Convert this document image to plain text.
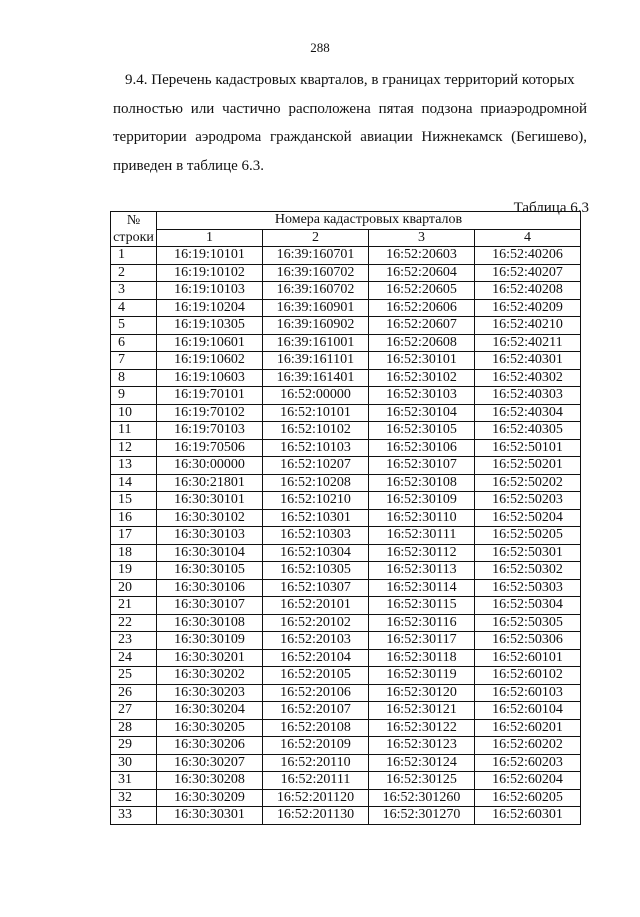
288
9.4. Перечень кадастровых кварталов, в границах территорий которых
полностью или частично расположена пятая подзона приаэродромной территории аэродрома гражданской авиации Нижнекамск (Бегишево), приведен в таблице 6.3.
Таблица 6.3
№
строки	Номера кадастровых кварталов			
	1	2	3	4
1	16:19:10101	16:39:160701	16:52:20603	16:52:40206
2	16:19:10102	16:39:160702	16:52:20604	16:52:40207
3	16:19:10103	16:39:160702	16:52:20605	16:52:40208
4	16:19:10204	16:39:160901	16:52:20606	16:52:40209
5	16:19:10305	16:39:160902	16:52:20607	16:52:40210
6	16:19:10601	16:39:161001	16:52:20608	16:52:40211
7	16:19:10602	16:39:161101	16:52:30101	16:52:40301
8	16:19:10603	16:39:161401	16:52:30102	16:52:40302
9	16:19:70101	16:52:00000	16:52:30103	16:52:40303
10	16:19:70102	16:52:10101	16:52:30104	16:52:40304
11	16:19:70103	16:52:10102	16:52:30105	16:52:40305
12	16:19:70506	16:52:10103	16:52:30106	16:52:50101
13	16:30:00000	16:52:10207	16:52:30107	16:52:50201
14	16:30:21801	16:52:10208	16:52:30108	16:52:50202
15	16:30:30101	16:52:10210	16:52:30109	16:52:50203
16	16:30:30102	16:52:10301	16:52:30110	16:52:50204
17	16:30:30103	16:52:10303	16:52:30111	16:52:50205
18	16:30:30104	16:52:10304	16:52:30112	16:52:50301
19	16:30:30105	16:52:10305	16:52:30113	16:52:50302
20	16:30:30106	16:52:10307	16:52:30114	16:52:50303
21	16:30:30107	16:52:20101	16:52:30115	16:52:50304
22	16:30:30108	16:52:20102	16:52:30116	16:52:50305
23	16:30:30109	16:52:20103	16:52:30117	16:52:50306
24	16:30:30201	16:52:20104	16:52:30118	16:52:60101
25	16:30:30202	16:52:20105	16:52:30119	16:52:60102
26	16:30:30203	16:52:20106	16:52:30120	16:52:60103
27	16:30:30204	16:52:20107	16:52:30121	16:52:60104
28	16:30:30205	16:52:20108	16:52:30122	16:52:60201
29	16:30:30206	16:52:20109	16:52:30123	16:52:60202
30	16:30:30207	16:52:20110	16:52:30124	16:52:60203
31	16:30:30208	16:52:20111	16:52:30125	16:52:60204
32	16:30:30209	16:52:201120	16:52:301260	16:52:60205
33	16:30:30301	16:52:201130	16:52:301270	16:52:60301
